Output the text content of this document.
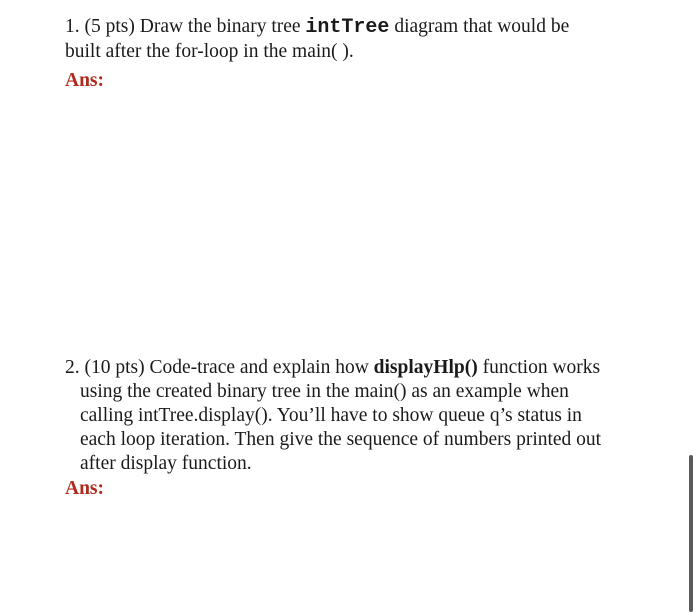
1. (5 pts) Draw the binary tree intTree diagram that would be
built after the for-loop in the main( ).
Ans:
2. (10 pts) Code-trace and explain how displayHlp() function works
using the created binary tree in the main() as an example when
calling intTree.display(). You’ll have to show queue q’s status in
each loop iteration. Then give the sequence of numbers printed out
after display function.
Ans:
